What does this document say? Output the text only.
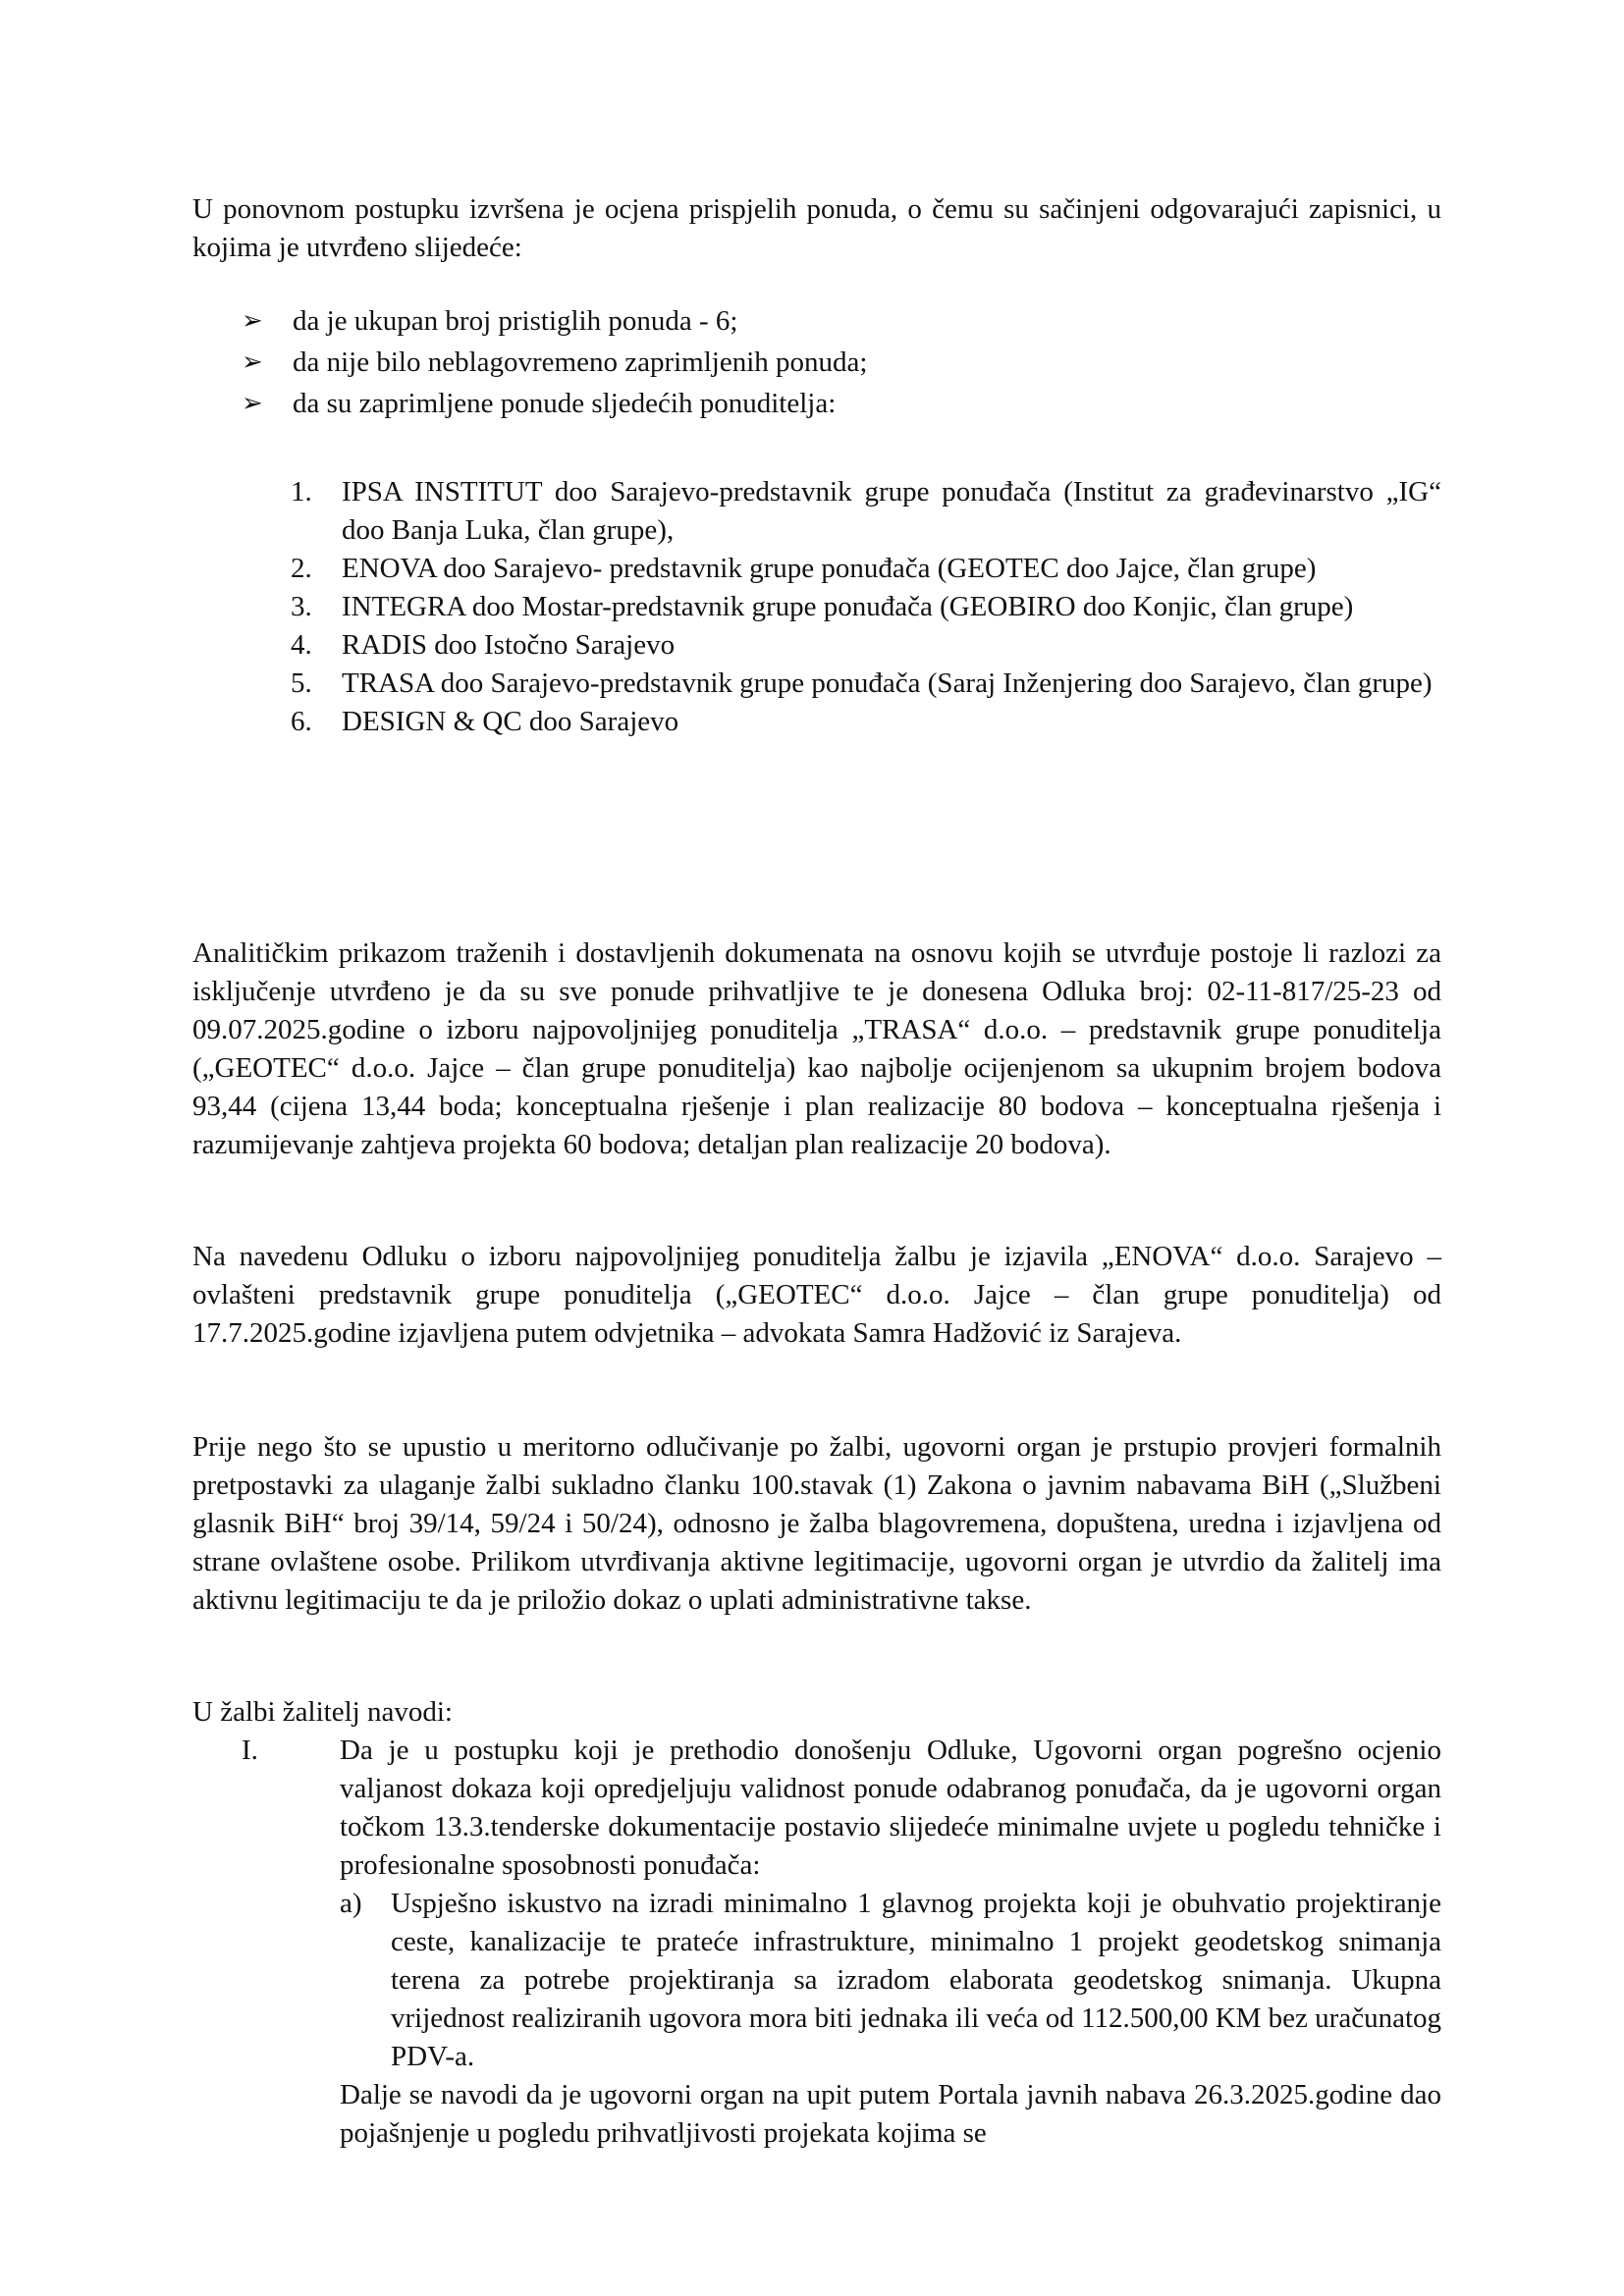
U ponovnom postupku izvršena je ocjena prispjelih ponuda, o čemu su sačinjeni odgovarajući zapisnici, u kojima je utvrđeno slijedeće:

➢ da je ukupan broj pristiglih ponuda - 6;
➢ da nije bilo neblagovremeno zaprimljenih ponuda;
➢ da su zaprimljene ponude sljedećih ponuditelja:
1. IPSA INSTITUT doo Sarajevo-predstavnik grupe ponuđača (Institut za građevinarstvo „IG“ doo Banja Luka, član grupe),
2. ENOVA doo Sarajevo- predstavnik grupe ponuđača (GEOTEC doo Jajce, član grupe)
3. INTEGRA doo Mostar-predstavnik grupe ponuđača (GEOBIRO doo Konjic, član grupe)
4. RADIS doo Istočno Sarajevo
5. TRASA doo Sarajevo-predstavnik grupe ponuđača (Saraj Inženjering doo Sarajevo, član grupe)
6. DESIGN & QC doo Sarajevo

Analitičkim prikazom traženih i dostavljenih dokumenata na osnovu kojih se utvrđuje postoje li razlozi za isključenje utvrđeno je da su sve ponude prihvatljive te je donesena Odluka broj: 02-11-817/25-23 od 09.07.2025.godine o izboru najpovoljnijeg ponuditelja „TRASA“ d.o.o. – predstavnik grupe ponuditelja („GEOTEC“ d.o.o. Jajce – član grupe ponuditelja) kao najbolje ocijenjenom sa ukupnim brojem bodova 93,44 (cijena 13,44 boda; konceptualna rješenje i plan realizacije 80 bodova – konceptualna rješenja i razumijevanje zahtjeva projekta 60 bodova; detaljan plan realizacije 20 bodova).

Na navedenu Odluku o izboru najpovoljnijeg ponuditelja žalbu je izjavila „ENOVA“ d.o.o. Sarajevo – ovlašteni predstavnik grupe ponuditelja („GEOTEC“ d.o.o. Jajce – član grupe ponuditelja) od 17.7.2025.godine izjavljena putem odvjetnika – advokata Samra Hadžović iz Sarajeva.

Prije nego što se upustio u meritorno odlučivanje po žalbi, ugovorni organ je prstupio provjeri formalnih pretpostavki za ulaganje žalbi sukladno članku 100.stavak (1) Zakona o javnim nabavama BiH („Službeni glasnik BiH“ broj 39/14, 59/24 i 50/24), odnosno je žalba blagovremena, dopuštena, uredna i izjavljena od strane ovlaštene osobe. Prilikom utvrđivanja aktivne legitimacije, ugovorni organ je utvrdio da žalitelj ima aktivnu legitimaciju te da je priložio dokaz o uplati administrativne takse.

U žalbi žalitelj navodi:

I.	Da je u postupku koji je prethodio donošenju Odluke, Ugovorni organ pogrešno ocjenio valjanost dokaza koji opredjeljuju validnost ponude odabranog ponuđača, da je ugovorni organ točkom 13.3.tenderske dokumentacije postavio slijedeće minimalne uvjete u pogledu tehničke i profesionalne sposobnosti ponuđača:

a) Uspješno iskustvo na izradi minimalno 1 glavnog projekta koji je obuhvatio projektiranje ceste, kanalizacije te prateće infrastrukture, minimalno 1 projekt geodetskog snimanja terena za potrebe projektiranja sa izradom elaborata geodetskog snimanja. Ukupna vrijednost realiziranih ugovora mora biti jednaka ili veća od 112.500,00 KM bez uračunatog PDV-a.

Dalje se navodi da je ugovorni organ na upit putem Portala javnih nabava 26.3.2025.godine dao pojašnjenje u pogledu prihvatljivosti projekata kojima se
